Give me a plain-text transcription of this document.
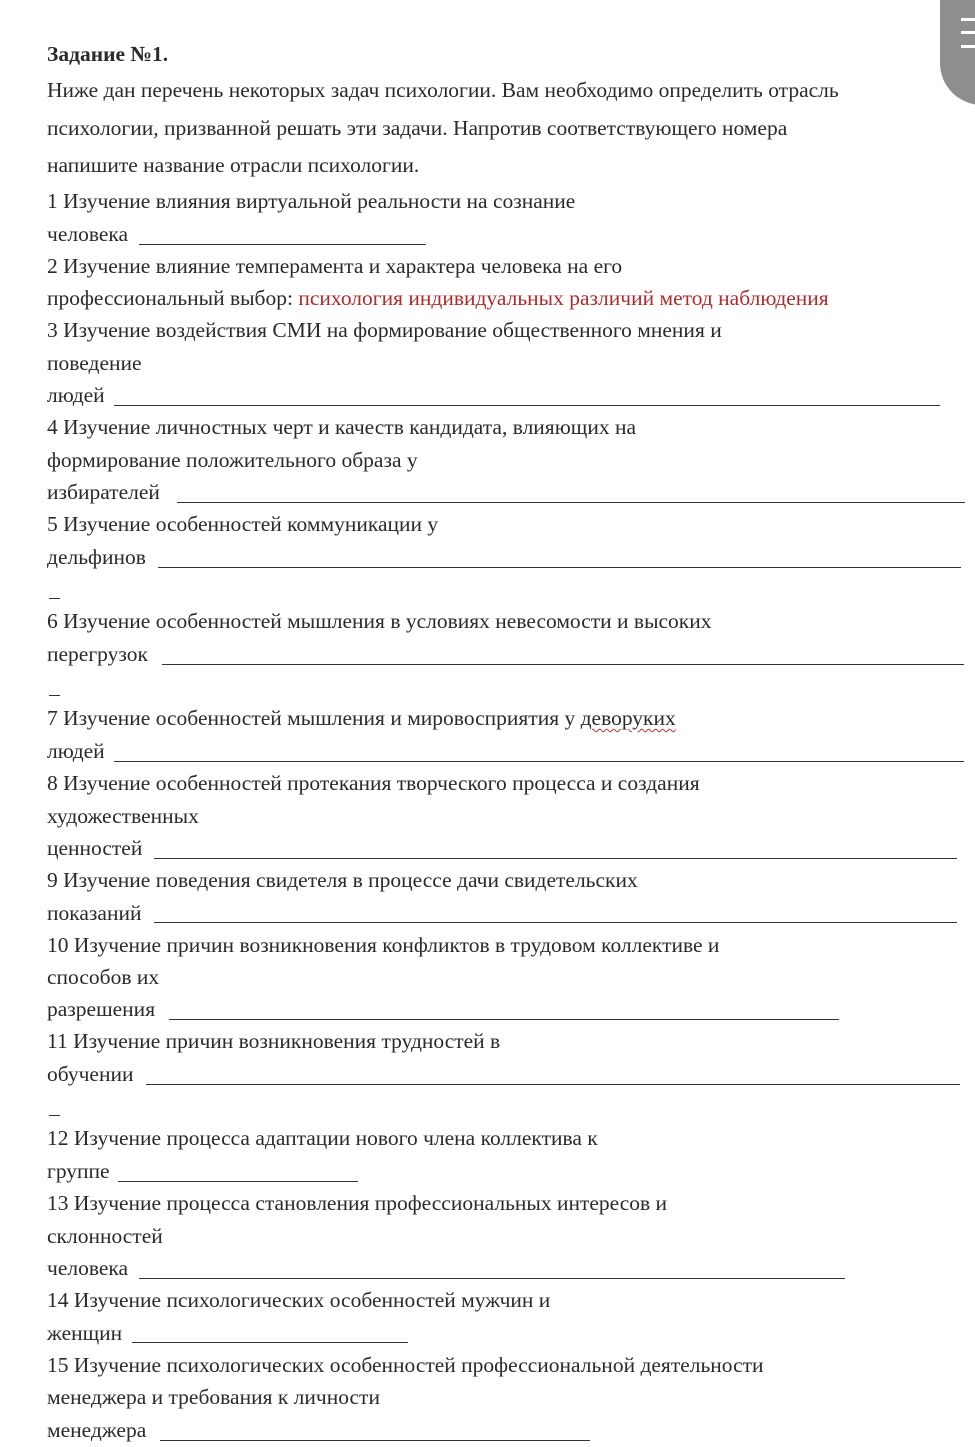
Задание №1.
Ниже дан перечень некоторых задач психологии. Вам необходимо определить отрасль
психологии, призванной решать эти задачи. Напротив соответствующего номера
напишите название отрасли психологии.
1 Изучение влияния виртуальной реальности на сознание
человека
2 Изучение влияние темперамента и характера человека на его
профессиональный выбор: психология индивидуальных различий метод наблюдения
3 Изучение воздействия СМИ на формирование общественного мнения и
поведение
людей
4 Изучение личностных черт и качеств кандидата, влияющих на
формирование положительного образа у
избирателей
5 Изучение особенностей коммуникации у
дельфинов
6 Изучение особенностей мышления в условиях невесомости и высоких
перегрузок
7 Изучение особенностей мышления и мировосприятия у деворуких
людей
8 Изучение особенностей протекания творческого процесса и создания
художественных
ценностей
9 Изучение поведения свидетеля в процессе дачи свидетельских
показаний
10 Изучение причин возникновения конфликтов в трудовом коллективе и
способов их
разрешения
11 Изучение причин возникновения трудностей в
обучении
12 Изучение процесса адаптации нового члена коллектива к
группе
13 Изучение процесса становления профессиональных интересов и
склонностей
человека
14 Изучение психологических особенностей мужчин и
женщин
15 Изучение психологических особенностей профессиональной деятельности
менеджера и требования к личности
менеджера
